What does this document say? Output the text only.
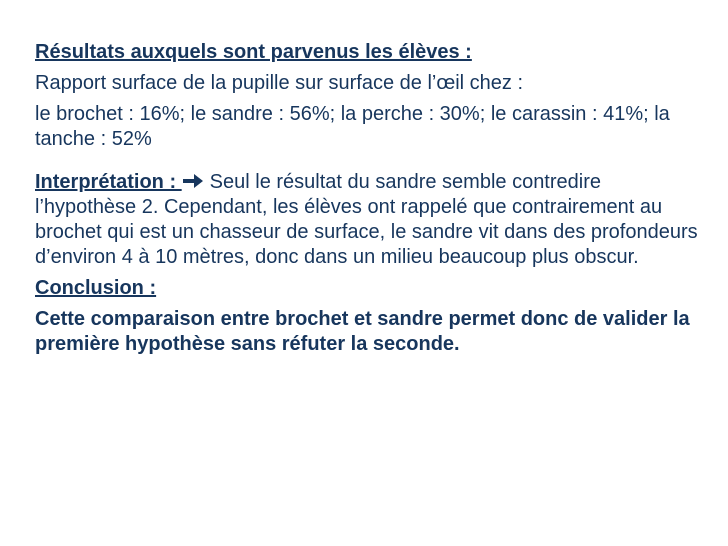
Résultats auxquels sont parvenus les élèves :

Rapport surface de la pupille sur surface de l’œil chez :

le brochet : 16%; le sandre : 56%; la perche : 30%; le carassin : 41%; la tanche : 52%

Interprétation : Seul le résultat du sandre semble contredire l’hypothèse 2. Cependant, les élèves ont rappelé que contrairement au brochet qui est un chasseur de surface, le sandre vit dans des profondeurs d’environ 4 à 10 mètres, donc dans un milieu beaucoup plus obscur.

Conclusion :

Cette comparaison entre brochet et sandre permet donc de valider la première hypothèse sans réfuter la seconde.
